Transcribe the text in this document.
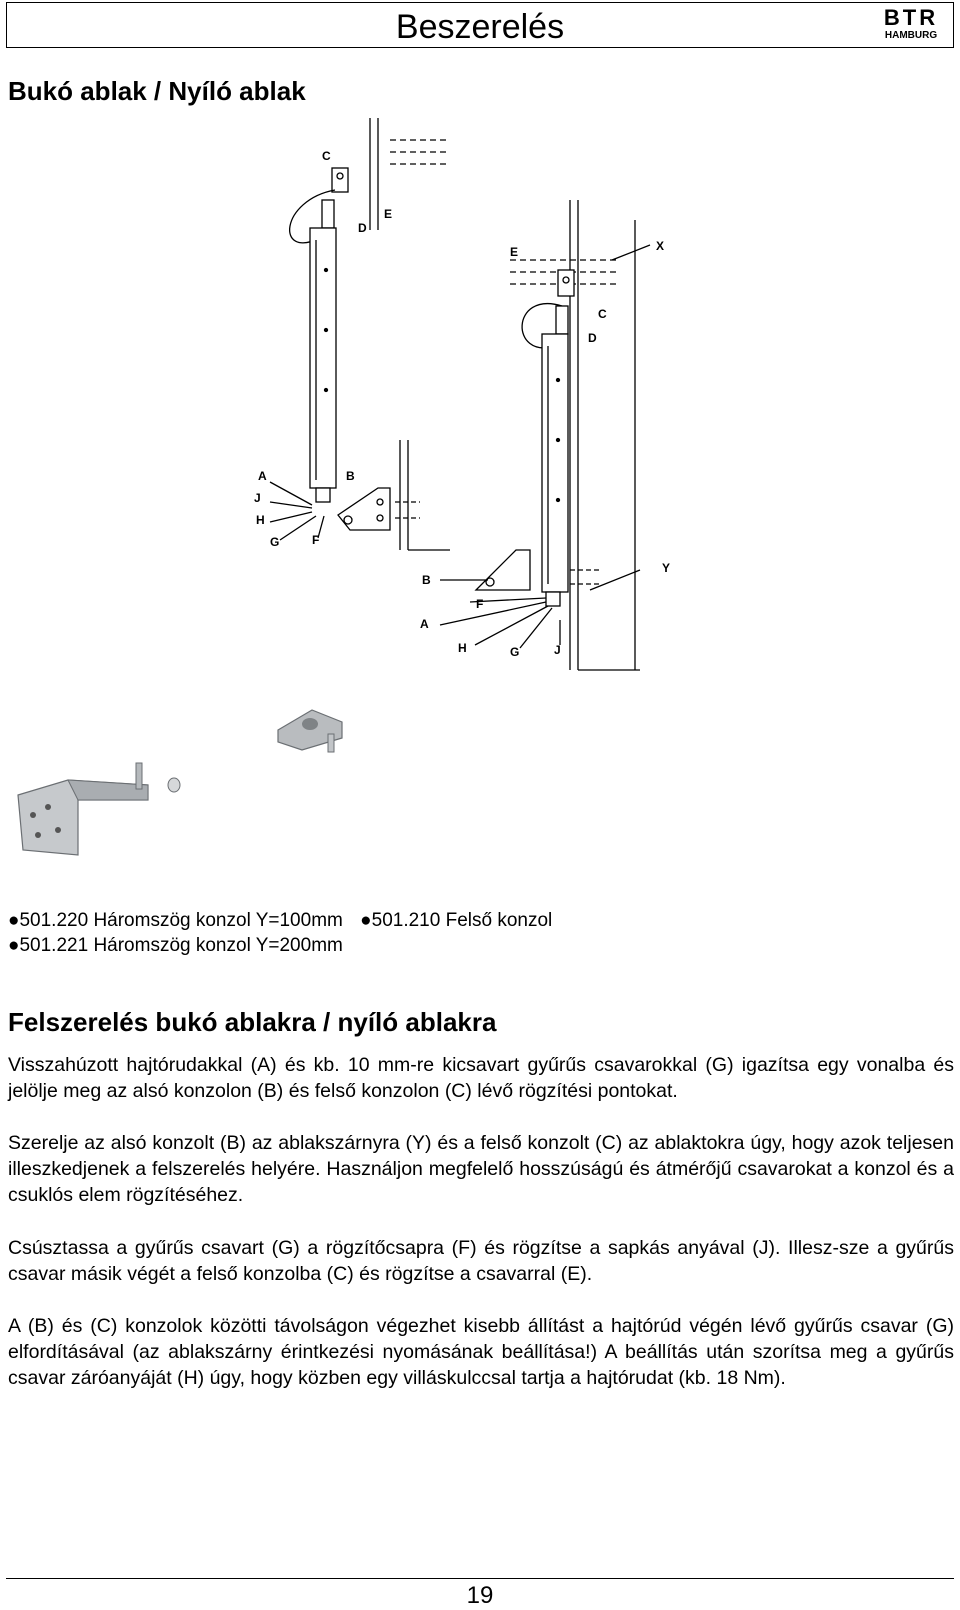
Beszerelés	BTR
HAMBURG
Bukó ablak / Nyíló ablak
C
D
E
A	B
J
H
G	F
E	X
C
D
Y
B
F
A
H	G	J
●501.220 Háromszög konzol Y=100mm ●501.210 Felső konzol
●501.221 Háromszög konzol Y=200mm
Felszerelés bukó ablakra / nyíló ablakra

Visszahúzott hajtórudakkal (A) és kb. 10 mm-re kicsavart gyűrűs csavarokkal (G) igazítsa egy vonalba és jelölje meg az alsó konzolon (B) és felső konzolon (C) lévő rögzítési pontokat.

Szerelje az alsó konzolt (B) az ablakszárnyra (Y) és a felső konzolt (C) az ablaktokra úgy, hogy azok teljesen illeszkedjenek a felszerelés helyére. Használjon megfelelő hosszúságú és átmérőjű csavarokat a konzol és a csuklós elem rögzítéséhez.

Csúsztassa a gyűrűs csavart (G) a rögzítőcsapra (F) és rögzítse a sapkás anyával (J). Illesz-sze a gyűrűs csavar másik végét a felső konzolba (C) és rögzítse a csavarral (E).

A (B) és (C) konzolok közötti távolságon végezhet kisebb állítást a hajtórúd végén lévő gyűrűs csavar (G) elfordításával (az ablakszárny érintkezési nyomásának beállítása!) A beállítás után szorítsa meg a gyűrűs csavar záróanyáját (H) úgy, hogy közben egy villáskulccsal tartja a hajtórudat (kb. 18 Nm).

19
